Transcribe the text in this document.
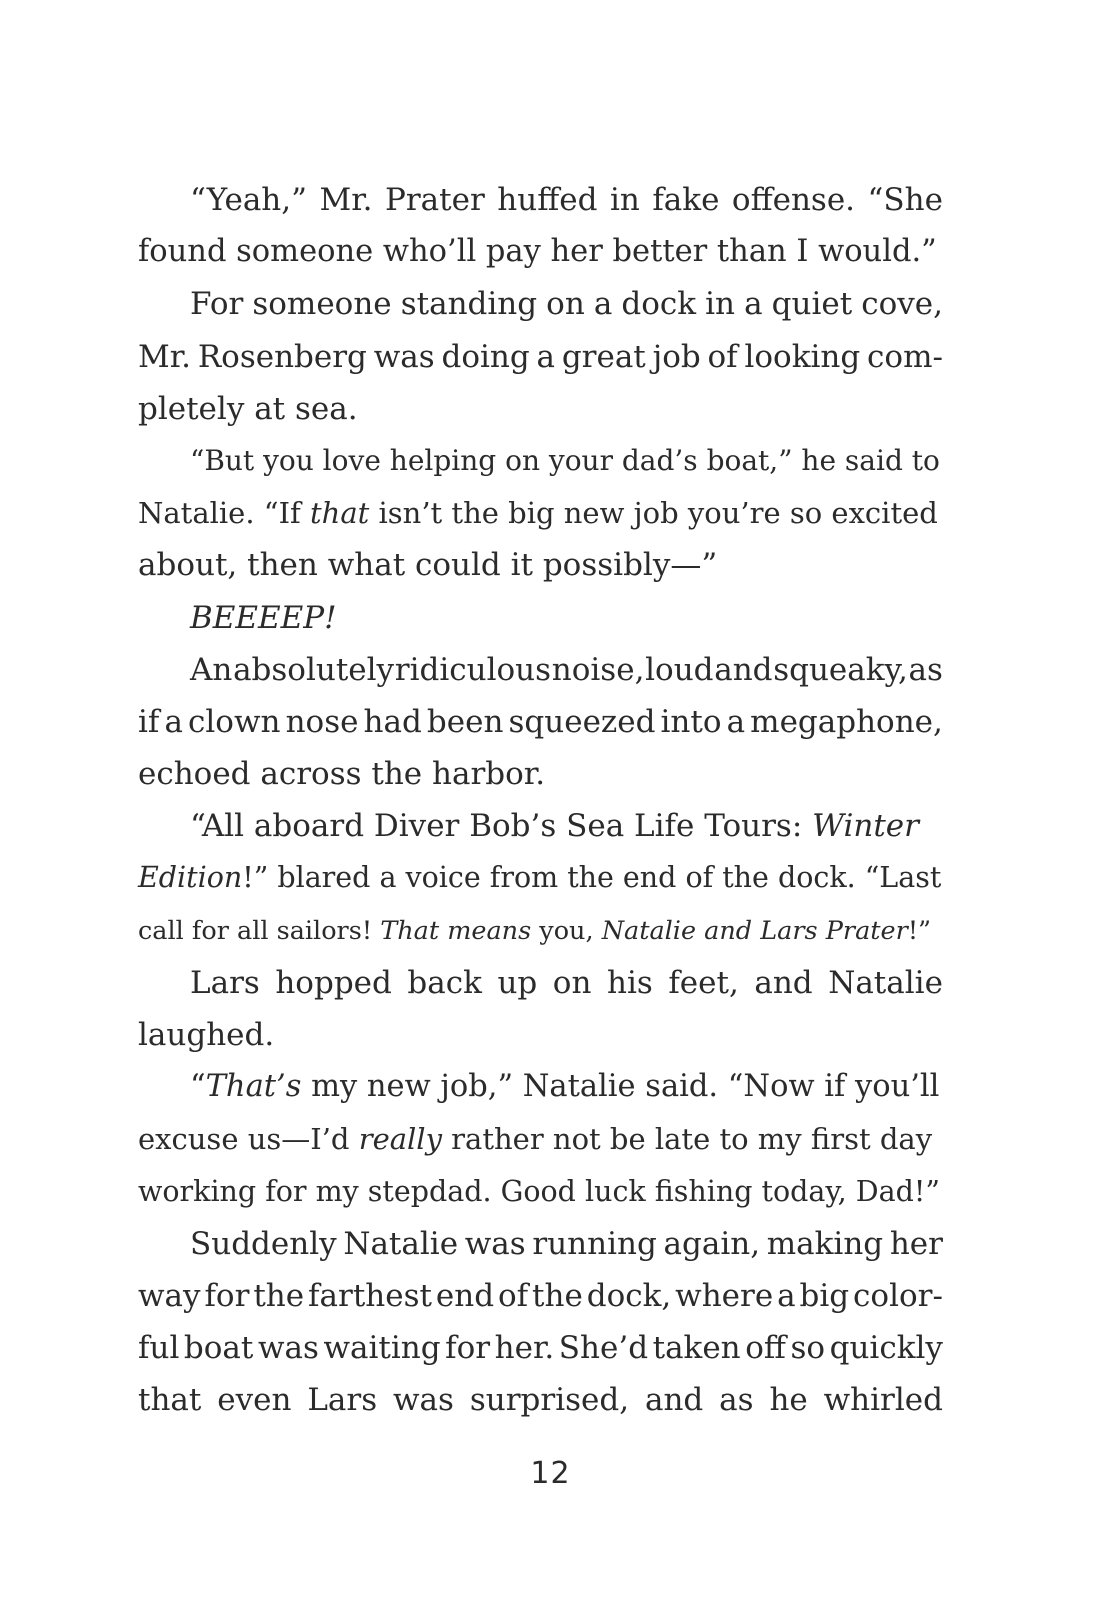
“Yeah,” Mr. Prater huffed in fake offense. “She
found someone who’ll pay her better than I would.”
For someone standing on a dock in a quiet cove,
Mr. Rosenberg was doing a great job of looking com-
pletely at sea.
“But you love helping on your dad’s boat,” he said to
Natalie. “If that isn’t the big new job you’re so excited
about, then what could it possibly—”
BEEEEP!
An absolutely ridiculous noise, loud and squeaky, as
if a clown nose had been squeezed into a megaphone,
echoed across the harbor.
“All aboard Diver Bob’s Sea Life Tours: Winter
Edition!” blared a voice from the end of the dock. “Last
call for all sailors! That means you, Natalie and Lars Prater!”
Lars hopped back up on his feet, and Natalie
laughed.
“That’s my new job,” Natalie said. “Now if you’ll
excuse us—I’d really rather not be late to my first day
working for my stepdad. Good luck fishing today, Dad!”
Suddenly Natalie was running again, making her
way for the farthest end of the dock, where a big color-
ful boat was waiting for her. She’d taken off so quickly
that even Lars was surprised, and as he whirled
12
